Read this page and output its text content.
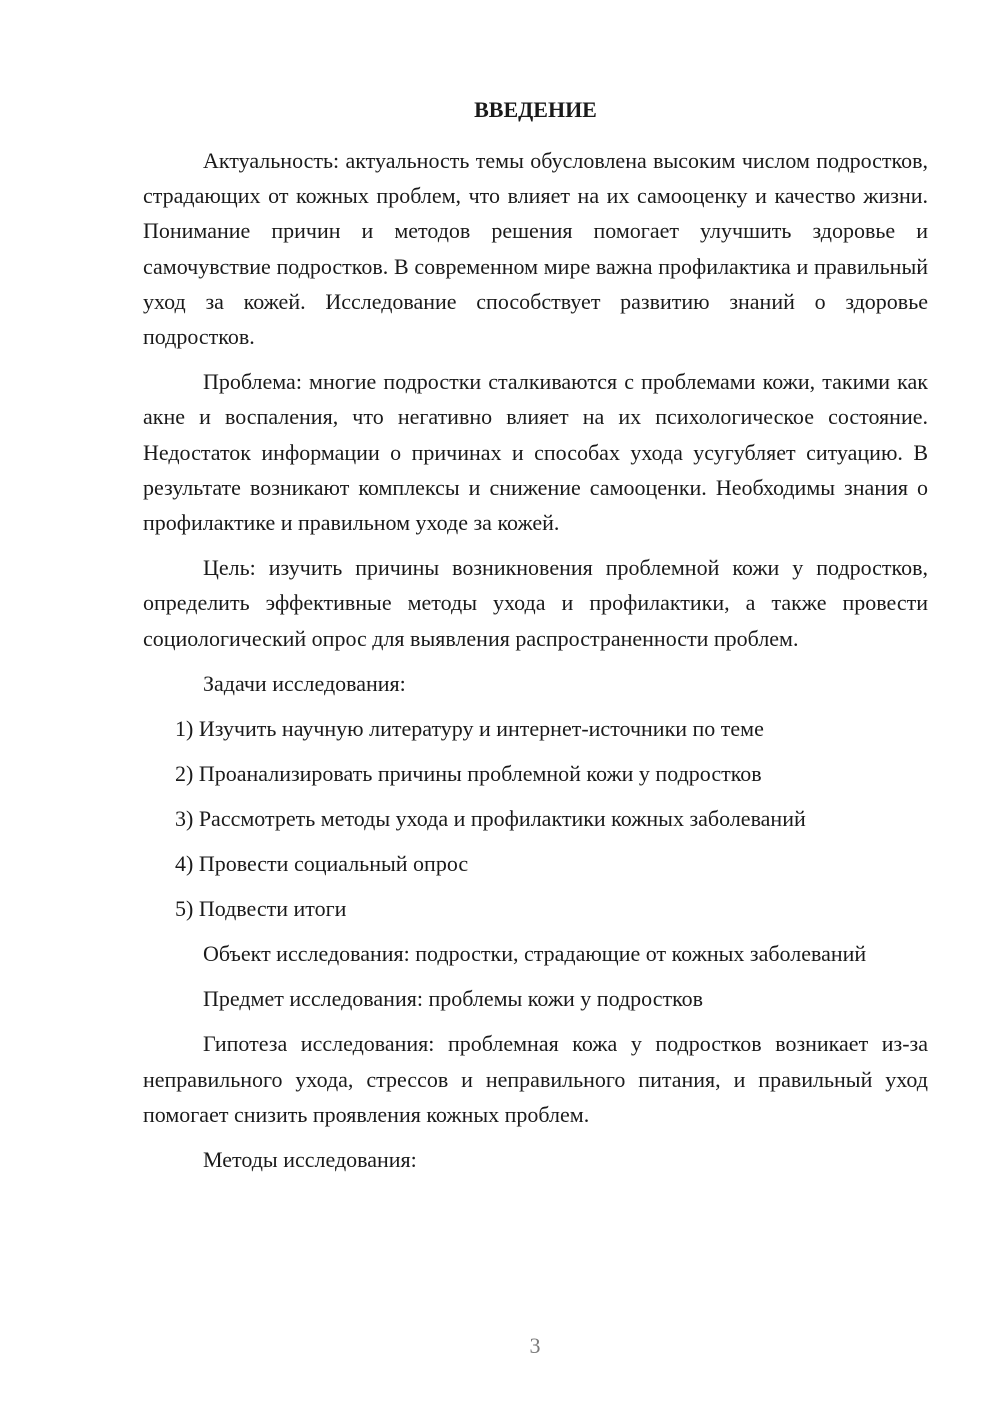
ВВЕДЕНИЕ

Актуальность: актуальность темы обусловлена высоким числом подростков, страдающих от кожных проблем, что влияет на их самооценку и качество жизни. Понимание причин и методов решения помогает улучшить здоровье и самочувствие подростков. В современном мире важна профилактика и правильный уход за кожей. Исследование способствует развитию знаний о здоровье подростков.

Проблема: многие подростки сталкиваются с проблемами кожи, такими как акне и воспаления, что негативно влияет на их психологическое состояние. Недостаток информации о причинах и способах ухода усугубляет ситуацию. В результате возникают комплексы и снижение самооценки. Необходимы знания о профилактике и правильном уходе за кожей.

Цель: изучить причины возникновения проблемной кожи у подростков, определить эффективные методы ухода и профилактики, а также провести социологический опрос для выявления распространенности проблем.

Задачи исследования:

1) Изучить научную литературу и интернет-источники по теме
2) Проанализировать причины проблемной кожи у подростков
3) Рассмотреть методы ухода и профилактики кожных заболеваний
4) Провести социальный опрос
5) Подвести итоги

Объект исследования: подростки, страдающие от кожных заболеваний

Предмет исследования: проблемы кожи у подростков

Гипотеза исследования: проблемная кожа у подростков возникает из-за неправильного ухода, стрессов и неправильного питания, и правильный уход помогает снизить проявления кожных проблем.

Методы исследования:

3
